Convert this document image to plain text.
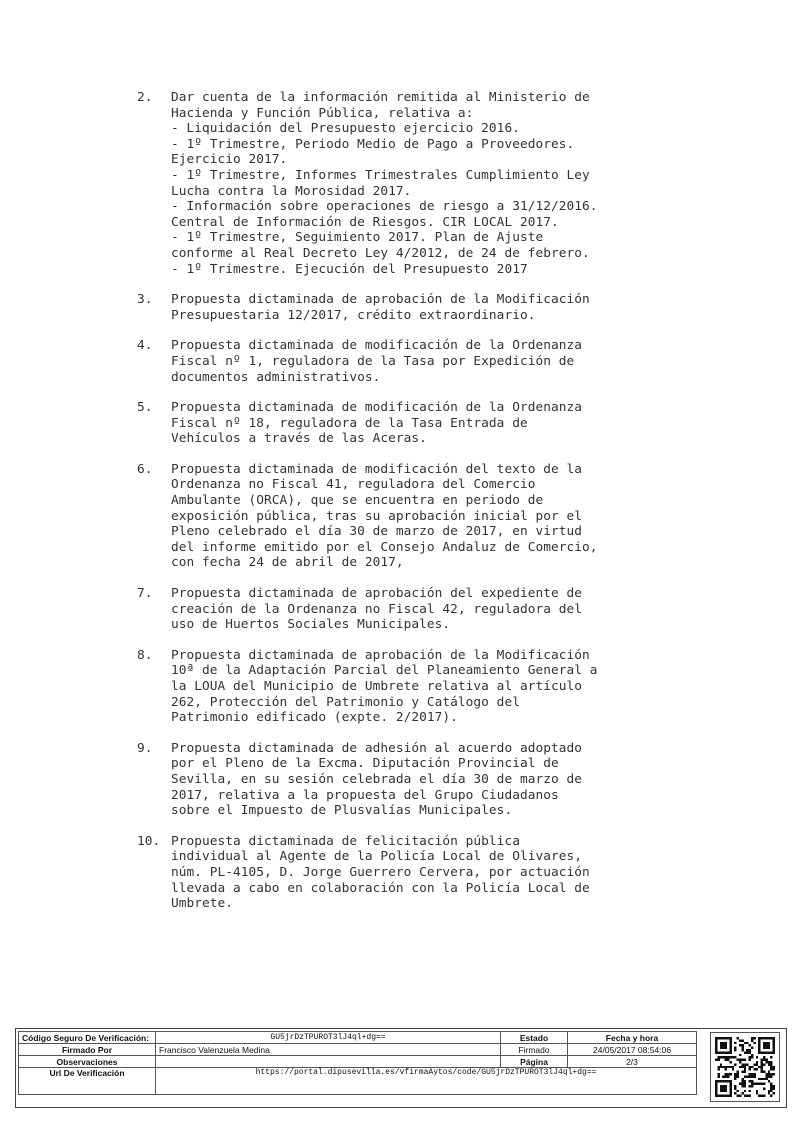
2. Dar cuenta de la información remitida al Ministerio de
Hacienda y Función Pública, relativa a:
- Liquidación del Presupuesto ejercicio 2016.
- 1º Trimestre, Periodo Medio de Pago a Proveedores.
Ejercicio 2017.
- 1º Trimestre, Informes Trimestrales Cumplimiento Ley
Lucha contra la Morosidad 2017.
- Información sobre operaciones de riesgo a 31/12/2016.
Central de Información de Riesgos. CIR LOCAL 2017.
- 1º Trimestre, Seguimiento 2017. Plan de Ajuste
conforme al Real Decreto Ley 4/2012, de 24 de febrero.
- 1º Trimestre. Ejecución del Presupuesto 2017
3. Propuesta dictaminada de aprobación de la Modificación
Presupuestaria 12/2017, crédito extraordinario.
4. Propuesta dictaminada de modificación de la Ordenanza
Fiscal nº 1, reguladora de la Tasa por Expedición de
documentos administrativos.
5. Propuesta dictaminada de modificación de la Ordenanza
Fiscal nº 18, reguladora de la Tasa Entrada de
Vehículos a través de las Aceras.
6. Propuesta dictaminada de modificación del texto de la
Ordenanza no Fiscal 41, reguladora del Comercio
Ambulante (ORCA), que se encuentra en periodo de
exposición pública, tras su aprobación inicial por el
Pleno celebrado el día 30 de marzo de 2017, en virtud
del informe emitido por el Consejo Andaluz de Comercio,
con fecha 24 de abril de 2017,
7. Propuesta dictaminada de aprobación del expediente de
creación de la Ordenanza no Fiscal 42, reguladora del
uso de Huertos Sociales Municipales.
8. Propuesta dictaminada de aprobación de la Modificación
10ª de la Adaptación Parcial del Planeamiento General a
la LOUA del Municipio de Umbrete relativa al artículo
262, Protección del Patrimonio y Catálogo del
Patrimonio edificado (expte. 2/2017).
9. Propuesta dictaminada de adhesión al acuerdo adoptado
por el Pleno de la Excma. Diputación Provincial de
Sevilla, en su sesión celebrada el día 30 de marzo de
2017, relativa a la propuesta del Grupo Ciudadanos
sobre el Impuesto de Plusvalías Municipales.
10. Propuesta dictaminada de felicitación pública
individual al Agente de la Policía Local de Olivares,
núm. PL-4105, D. Jorge Guerrero Cervera, por actuación
llevada a cabo en colaboración con la Policía Local de
Umbrete.
Código Seguro De Verificación:	GU5jrDzTPUROT3lJ4ql+dg==	Estado	Fecha y hora
Firmado Por	Francisco Valenzuela Medina	Firmado	24/05/2017 08:54:06
Observaciones		Página	2/3
Url De Verificación	https://portal.dipusevilla.es/vfirmaAytos/code/GU5jrDzTPUROT3lJ4ql+dg==		
